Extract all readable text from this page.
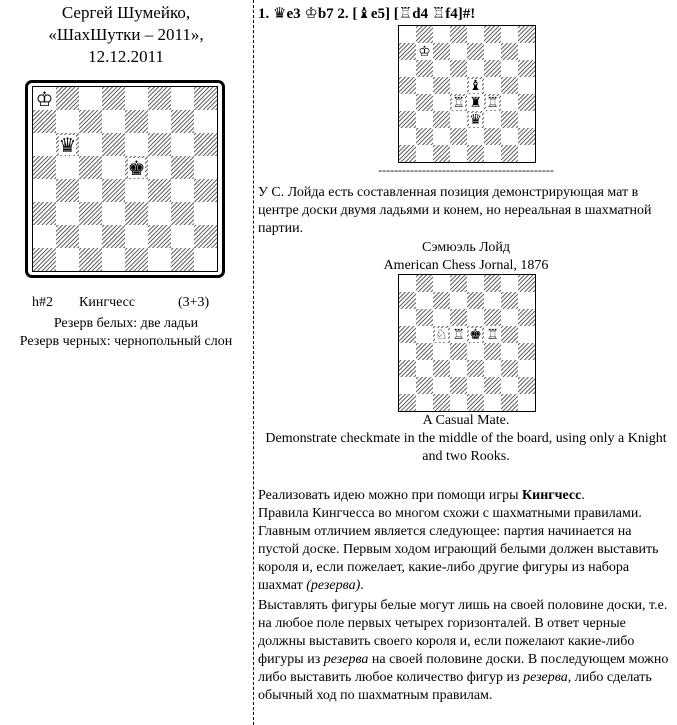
Сергей Шумейко,
«ШахШутки – 2011»,
12.12.2011
♔
♛
♚
h#2 Кингчесс	(3+3)
Резерв белых: две ладьи
Резерв черных: чернопольный слон
1. ♛e3 ♔b7 2. [♝e5] [♖d4 ♖f4]#!
--------------------------------------------

У С. Лойда есть составленная позиция демонстрирующая мат в центре доски двумя ладьями и конем, но нереальная в шахматной партии.

Сэмюэль Лойд
American Chess Jornal, 1876
A Casual Mate.
Demonstrate checkmate in the middle of the board, using only a Knight and two Rooks.

Реализовать идею можно при помощи игры Кингчесс.

Правила Кингчесса во многом схожи с шахматными правилами. Главным отличием является следующее: партия начинается на пустой доске. Первым ходом играющий белыми должен выставить короля и, если пожелает, какие-либо другие фигуры из набора шахмат (резерва).

Выставлять фигуры белые могут лишь на своей половине доски, т.е. на любое поле первых четырех горизонталей. В ответ черные должны выставить своего короля и, если пожелают какие-либо фигуры из резерва на своей половине доски. В последующем можно либо выставить любое количество фигур из резерва, либо сделать обычный ход по шахматным правилам.

♔
♝
♖ ♜ ♖
♛
♘ ♖ ♚ ♖
